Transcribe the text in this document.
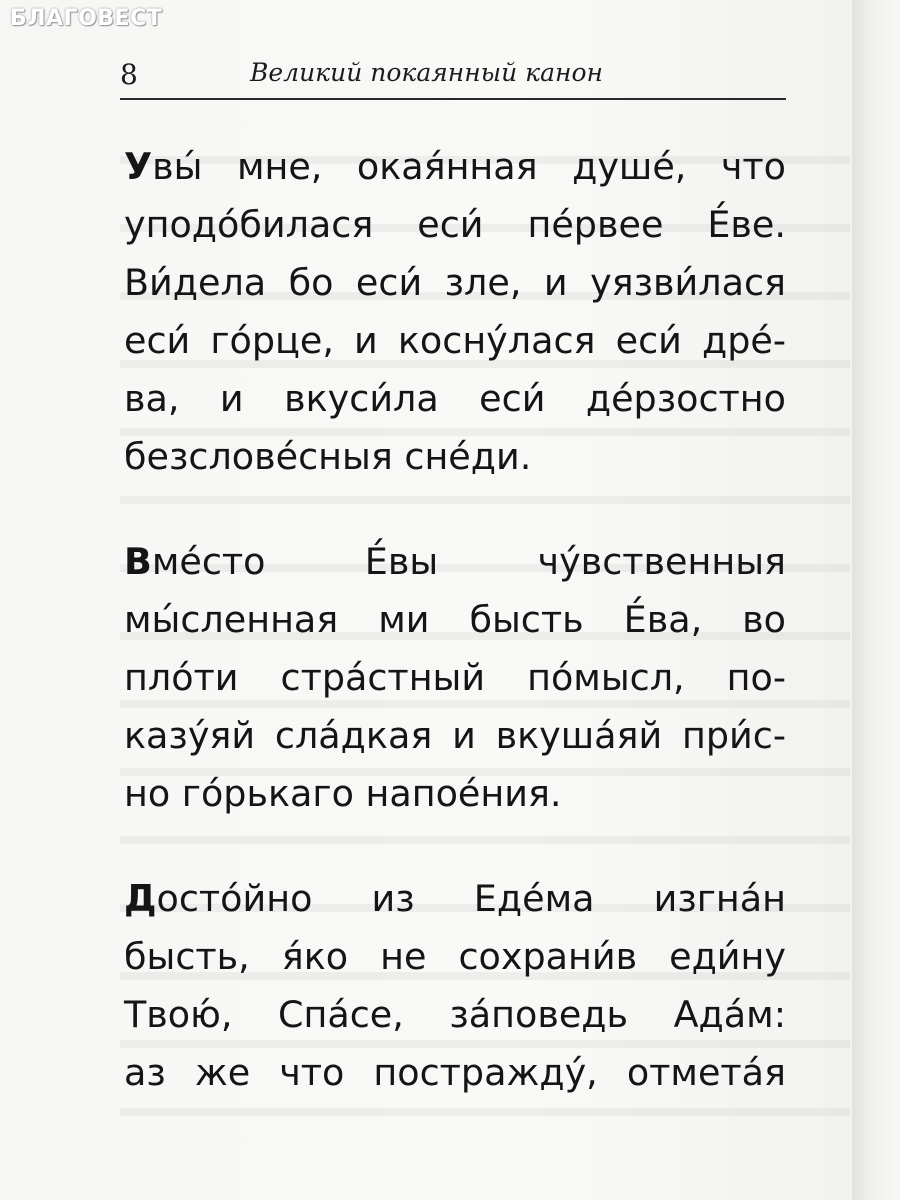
БЛАГОВЕСТ
8	Великий покаянный канон
Увы́ мне, окая́нная душе́, что
уподо́билася еси́ пе́рвее Е́ве.
Ви́дела бо еси́ зле, и уязви́лася
еси́ го́рце, и косну́лася еси́ дре́-
ва, и вкуси́ла еси́ де́рзостно
безслове́сныя сне́ди.
Вме́сто Е́вы чу́вственныя
мы́сленная ми бысть Е́ва, во
пло́ти стра́стный по́мысл, по-
казу́яй сла́дкая и вкуша́яй при́с-
но го́рькаго напое́ния.
Досто́йно из Еде́ма изгна́н
бысть, я́ко не сохрани́в еди́ну
Твою́, Спа́се, за́поведь Ада́м:
аз же что постражду́, отмета́я
